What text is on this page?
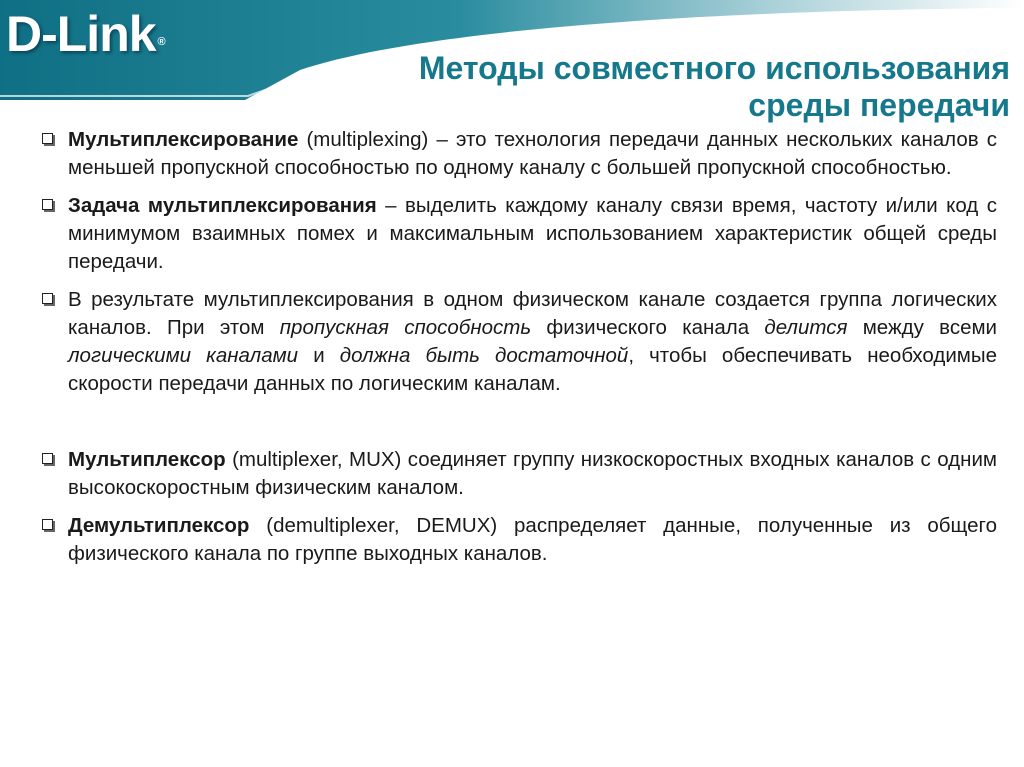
D-Link ®
Методы совместного использования
среды передачи
Мультиплексирование (multiplexing) – это технология передачи данных нескольких каналов с меньшей пропускной способностью по одному каналу с большей пропускной способностью.
Задача мультиплексирования – выделить каждому каналу связи время, частоту и/или код с минимумом взаимных помех и максимальным использованием характеристик общей среды передачи.
В результате мультиплексирования в одном физическом канале создается группа логических каналов. При этом пропускная способность физического канала делится между всеми логическими каналами и должна быть достаточной, чтобы обеспечивать необходимые скорости передачи данных по логическим каналам.
Мультиплексор (multiplexer, MUX) соединяет группу низкоскоростных входных каналов с одним высокоскоростным физическим каналом.
Демультиплексор (demultiplexer, DEMUX) распределяет данные, полученные из общего физического канала по группе выходных каналов.
